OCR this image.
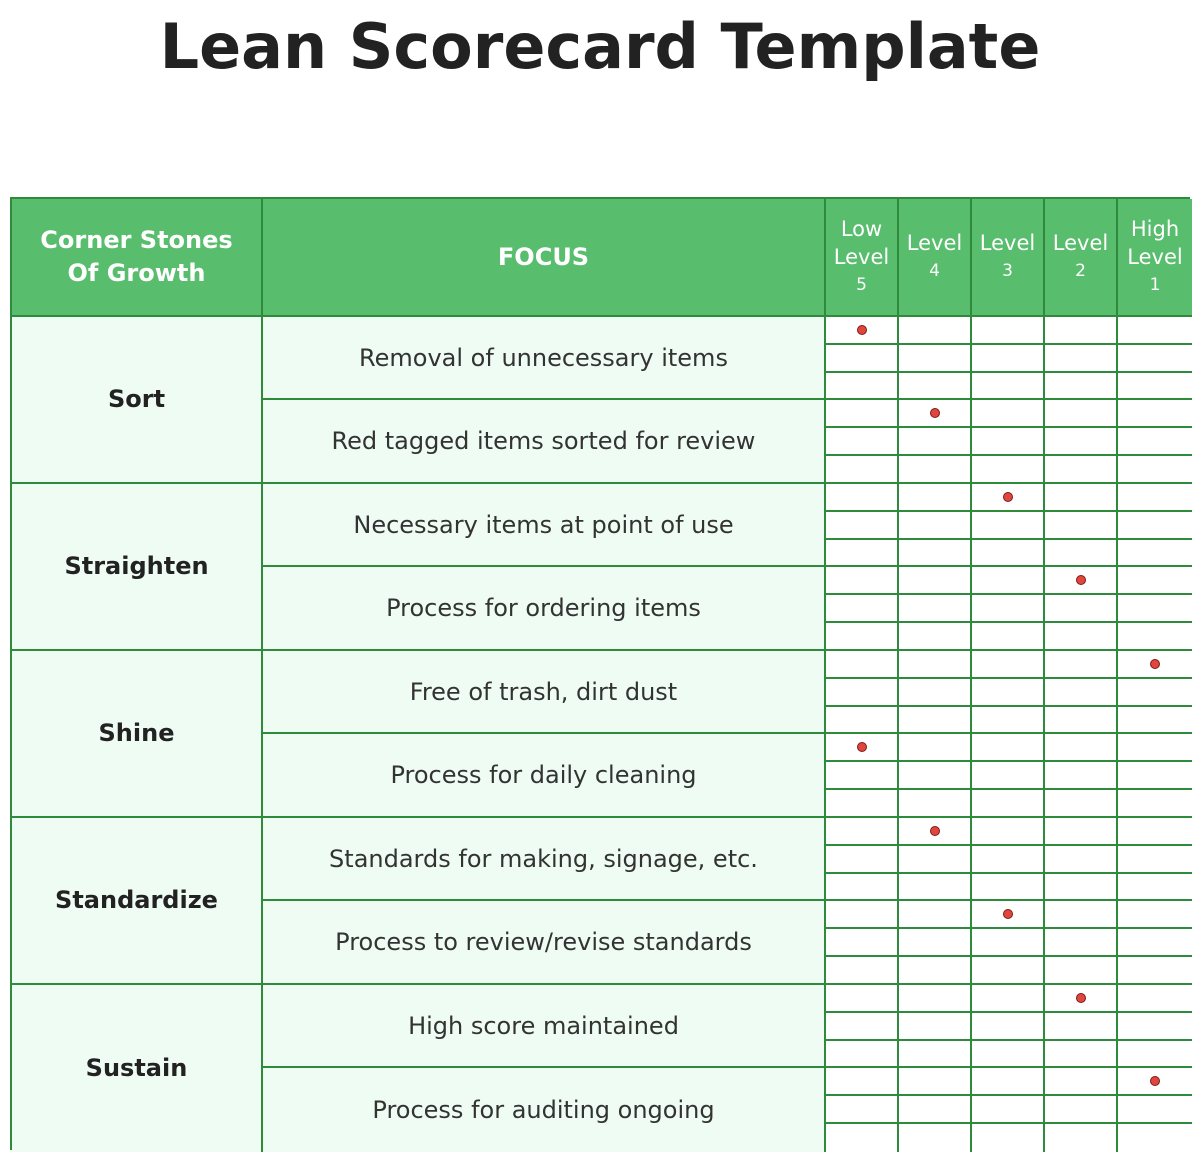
Lean Scorecard Template
Corner Stones Of Growth
FOCUS
Low Level
5
Level
4
Level
3
Level
2
High Level
1
Sort
Removal of unnecessary items
Red tagged items sorted for review
Straighten
Necessary items at point of use
Process for ordering items
Shine
Free of trash, dirt dust
Process for daily cleaning
Standardize
Standards for making, signage, etc.
Process to review/revise standards
Sustain
High score maintained
Process for auditing ongoing
